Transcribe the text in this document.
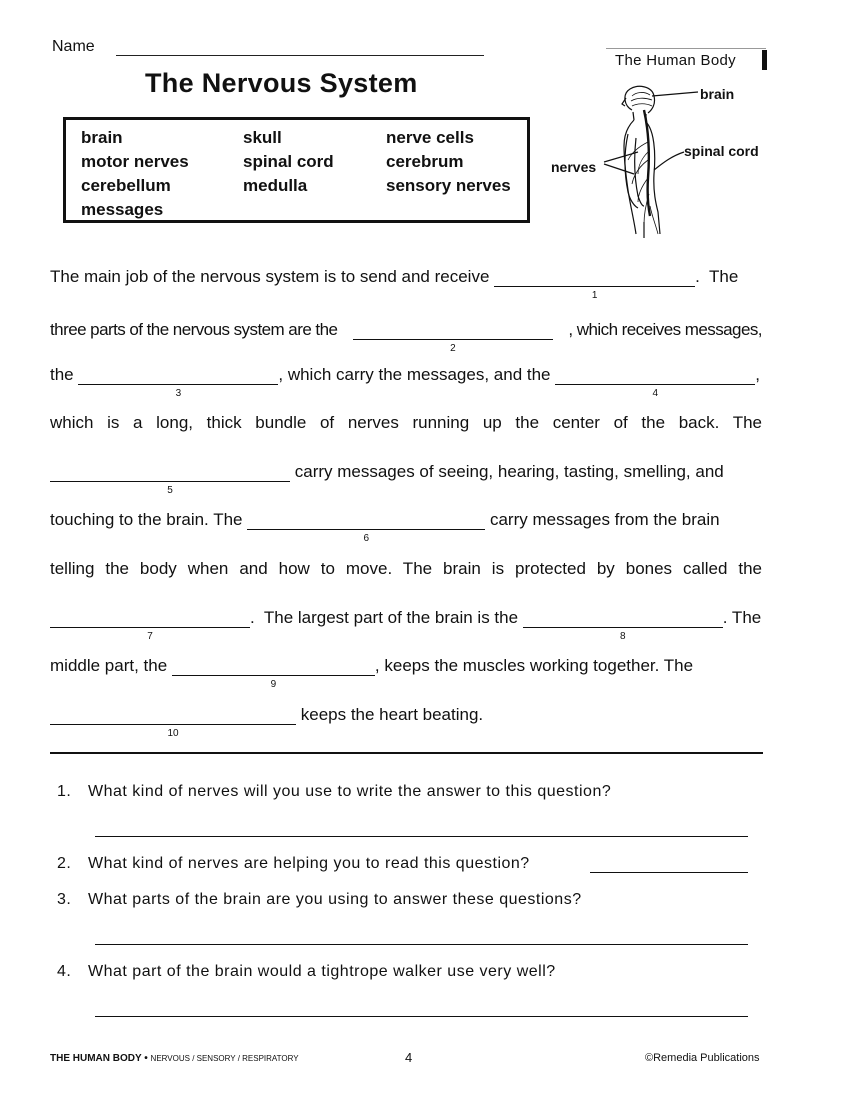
Name
The Human Body
The Nervous System
brain	skull	nerve cells
motor nerves	spinal cord	cerebrum
cerebellum	medulla	sensory nerves
messages
brain
spinal cord
nerves
The main job of the nervous system is to send and receive
1
.  The
three parts of the nervous system are the
2
, which receives messages,
the
3
, which carry the messages, and the
4
,
which is a long, thick bundle of nerves running up the center of the back. The
5
carry messages of seeing, hearing, tasting, smelling, and
touching to the brain. The
6
carry messages from the brain
telling the body when and how to move. The brain is protected by bones called the
7
.  The largest part of the brain is the
8
. The
middle part, the
9
, keeps the muscles working together. The
10
keeps the heart beating.
1. What kind of nerves will you use to write the answer to this question?
2. What kind of nerves are helping you to read this question?
3. What parts of the brain are you using to answer these questions?
4. What part of the brain would a tightrope walker use very well?
THE HUMAN BODY • NERVOUS / SENSORY / RESPIRATORY	4	©Remedia Publications
